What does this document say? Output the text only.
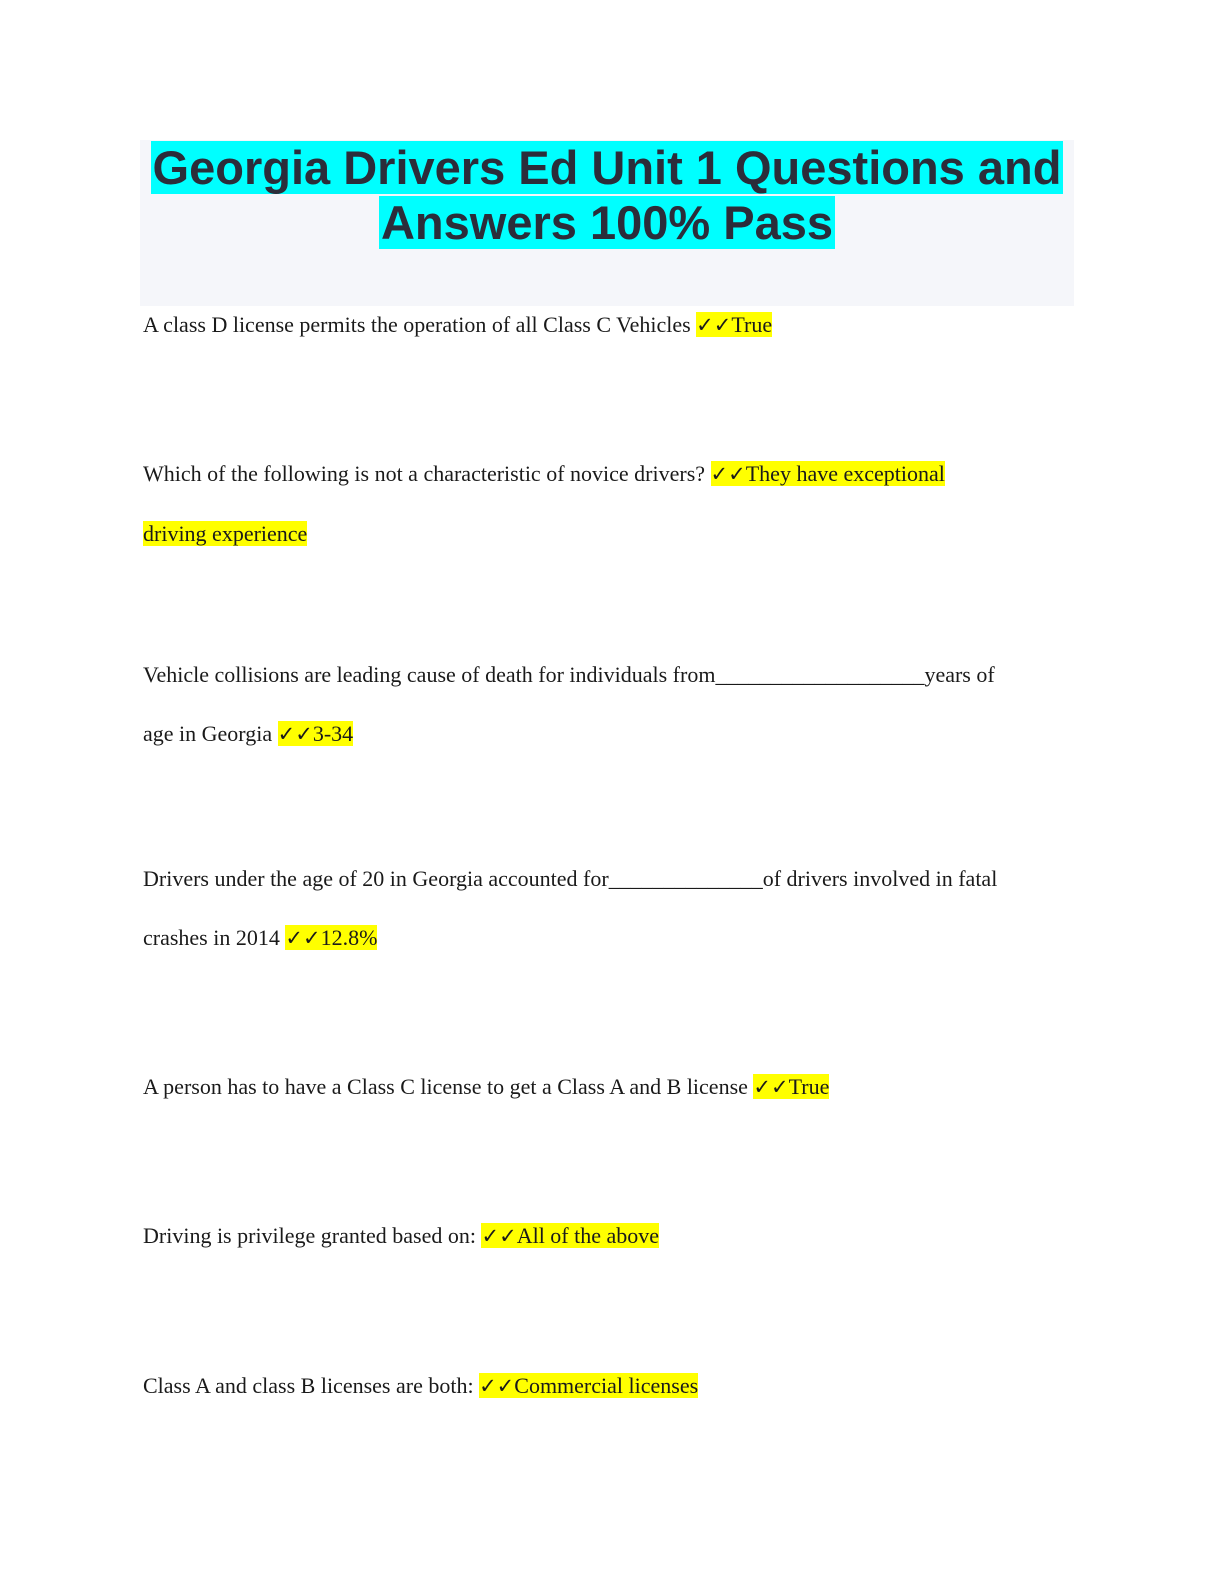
Georgia Drivers Ed Unit 1 Questions and
Answers 100% Pass

A class D license permits the operation of all Class C Vehicles ✓✓True

Which of the following is not a characteristic of novice drivers? ✓✓They have exceptional
driving experience

Vehicle collisions are leading cause of death for individuals from___________________years of
age in Georgia ✓✓3-34

Drivers under the age of 20 in Georgia accounted for______________of drivers involved in fatal
crashes in 2014 ✓✓12.8%

A person has to have a Class C license to get a Class A and B license ✓✓True

Driving is privilege granted based on: ✓✓All of the above

Class A and class B licenses are both: ✓✓Commercial licenses
